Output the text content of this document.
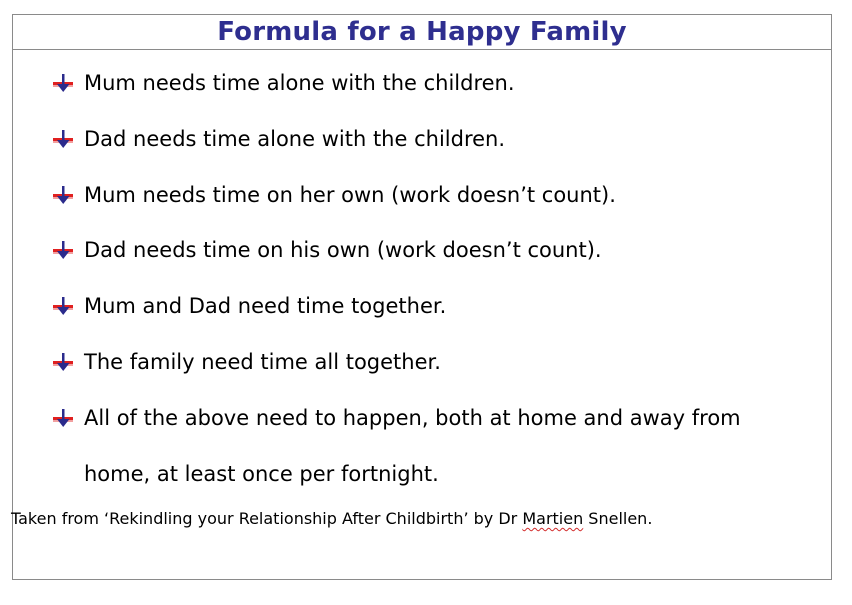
Formula for a Happy Family
Mum needs time alone with the children.
Dad needs time alone with the children.
Mum needs time on her own (work doesn’t count).
Dad needs time on his own (work doesn’t count).
Mum and Dad need time together.
The family need time all together.
All of the above need to happen, both at home and away from home, at least once per fortnight.
Taken from ‘Rekindling your Relationship After Childbirth’ by Dr Martien Snellen.
